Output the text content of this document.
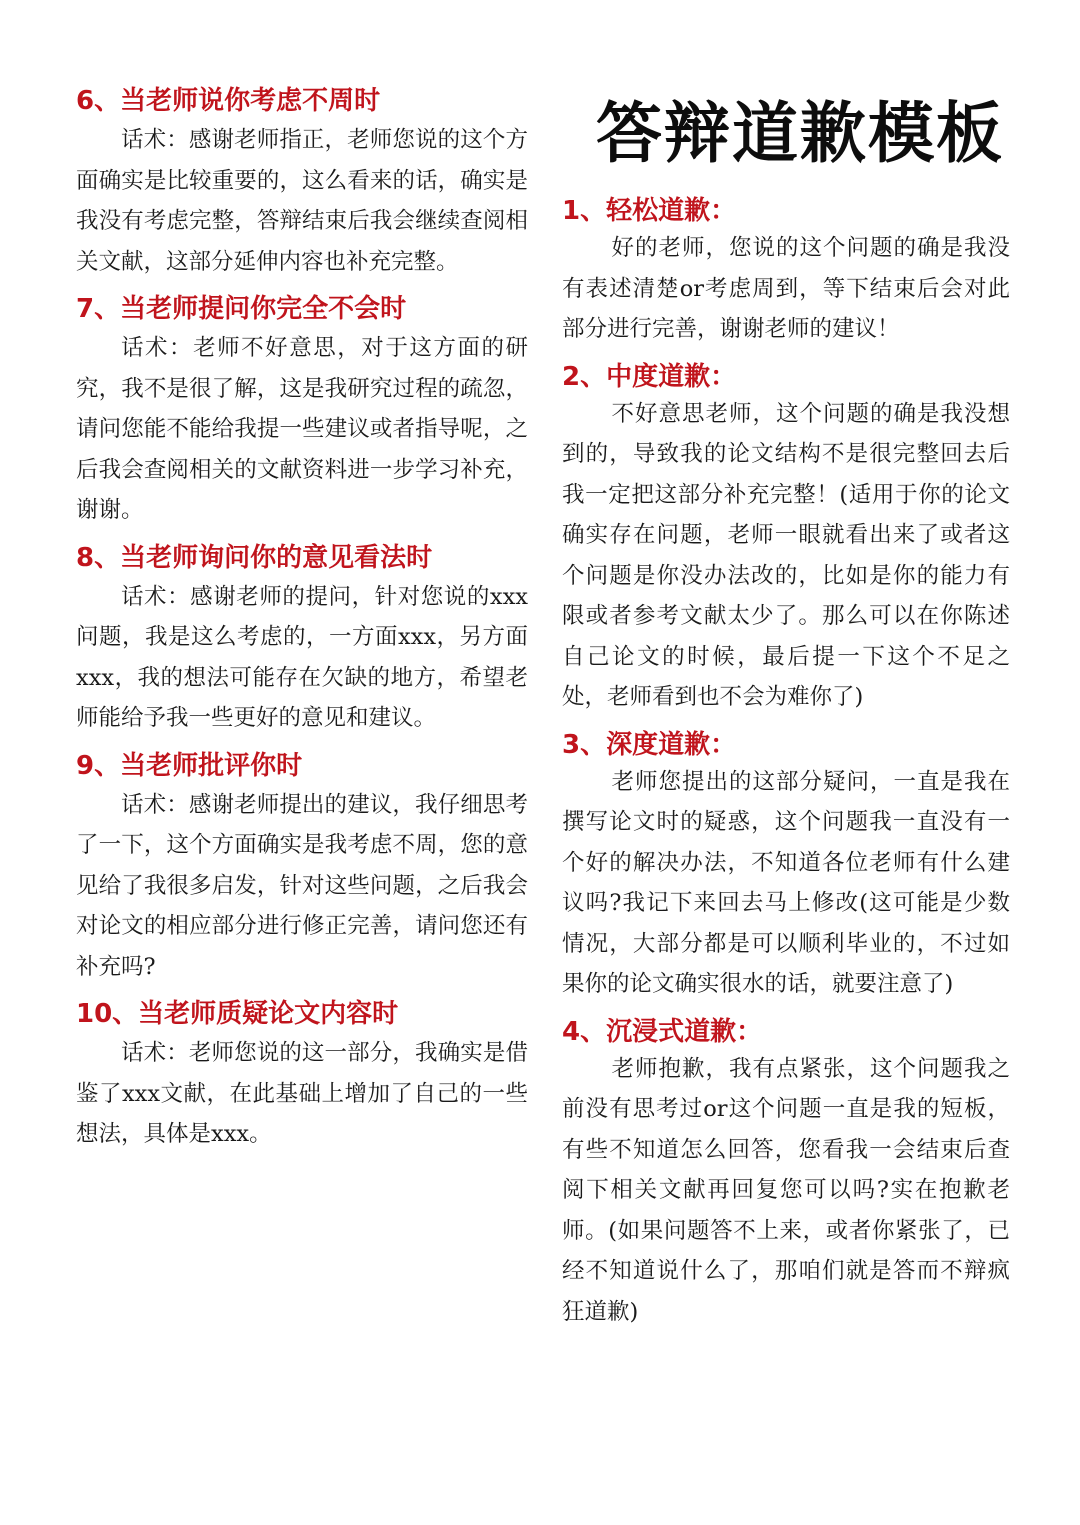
6、当老师说你考虑不周时

话术：感谢老师指正，老师您说的这个方面确实是比较重要的，这么看来的话，确实是我没有考虑完整，答辩结束后我会继续查阅相关文献，这部分延伸内容也补充完整。

7、当老师提问你完全不会时

话术：老师不好意思，对于这方面的研究，我不是很了解，这是我研究过程的疏忽，请问您能不能给我提一些建议或者指导呢，之后我会查阅相关的文献资料进一步学习补充，谢谢。

8、当老师询问你的意见看法时

话术：感谢老师的提问，针对您说的xxx问题，我是这么考虑的，一方面xxx，另方面xxx，我的想法可能存在欠缺的地方，希望老师能给予我一些更好的意见和建议。

9、当老师批评你时

话术：感谢老师提出的建议，我仔细思考了一下，这个方面确实是我考虑不周，您的意见给了我很多启发，针对这些问题，之后我会对论文的相应部分进行修正完善，请问您还有补充吗?

10、当老师质疑论文内容时

话术：老师您说的这一部分，我确实是借鉴了xxx文献，在此基础上增加了自己的一些想法，具体是xxx。

答辩道歉模板

1、轻松道歉：

好的老师，您说的这个问题的确是我没有表述清楚or考虑周到，等下结束后会对此部分进行完善，谢谢老师的建议！

2、中度道歉：

不好意思老师，这个问题的确是我没想到的，导致我的论文结构不是很完整回去后我一定把这部分补充完整！(适用于你的论文确实存在问题，老师一眼就看出来了或者这个问题是你没办法改的，比如是你的能力有限或者参考文献太少了。那么可以在你陈述自己论文的时候，最后提一下这个不足之处，老师看到也不会为难你了)

3、深度道歉：

老师您提出的这部分疑问，一直是我在撰写论文时的疑惑，这个问题我一直没有一个好的解决办法，不知道各位老师有什么建议吗?我记下来回去马上修改(这可能是少数情况，大部分都是可以顺利毕业的，不过如果你的论文确实很水的话，就要注意了)

4、沉浸式道歉：

老师抱歉，我有点紧张，这个问题我之前没有思考过or这个问题一直是我的短板，有些不知道怎么回答，您看我一会结束后查阅下相关文献再回复您可以吗?实在抱歉老师。(如果问题答不上来，或者你紧张了，已经不知道说什么了，那咱们就是答而不辩疯狂道歉)
